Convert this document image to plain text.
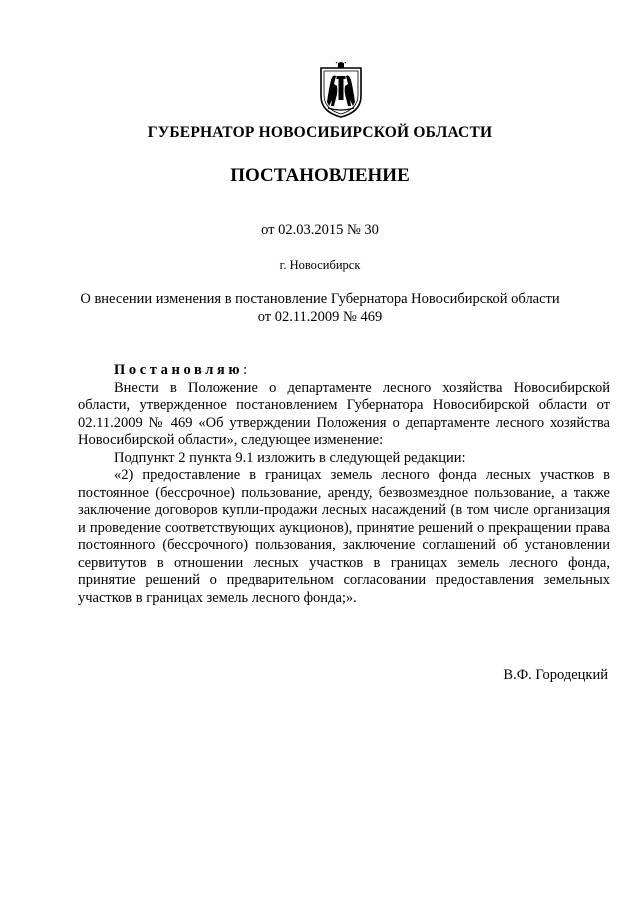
ГУБЕРНАТОР НОВОСИБИРСКОЙ ОБЛАСТИ
ПОСТАНОВЛЕНИЕ
от 02.03.2015 № 30
г. Новосибирск
О внесении изменения в постановление Губернатора Новосибирской области
от 02.11.2009 № 469
Постановляю:

Внести в Положение о департаменте лесного хозяйства Новосибирской области, утвержденное постановлением Губернатора Новосибирской области от 02.11.2009 № 469 «Об утверждении Положения о департаменте лесного хозяйства Новосибирской области», следующее изменение:

Подпункт 2 пункта 9.1 изложить в следующей редакции:

«2) предоставление в границах земель лесного фонда лесных участков в постоянное (бессрочное) пользование, аренду, безвозмездное пользование, а также заключение договоров купли-продажи лесных насаждений (в том числе организация и проведение соответствующих аукционов), принятие решений о прекращении права постоянного (бессрочного) пользования, заключение соглашений об установлении сервитутов в отношении лесных участков в границах земель лесного фонда, принятие решений о предварительном согласовании предоставления земельных участков в границах земель лесного фонда;».

В.Ф. Городецкий
